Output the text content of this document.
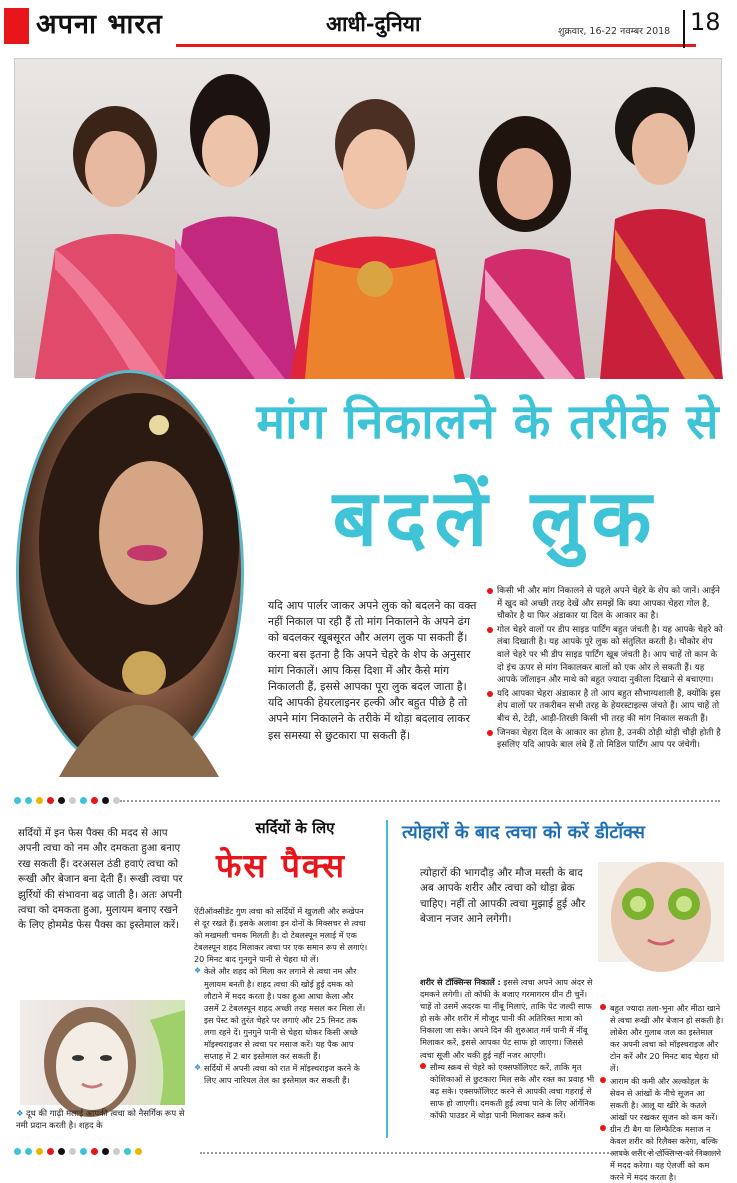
अपना भारत	आधी-दुनिया	शुक्रवार, 16-22 नवम्बर 2018 18
मांग निकालने के तरीके से
बदलें लुक
यदि आप पार्लर जाकर अपने लुक को बदलने का वक्त नहीं निकाल पा रही हैं तो मांग निकालने के अपने ढंग को बदलकर खूबसूरत और अलग लुक पा सकती हैं। करना बस इतना है कि अपने चेहरे के शेप के अनुसार मांग निकालें। आप किस दिशा में और कैसे मांग निकालती हैं, इससे आपका पूरा लुक बदल जाता है। यदि आपकी हेयरलाइनर हल्की और बहुत पीछे है तो अपने मांग निकालने के तरीके में थोड़ा बदलाव लाकर इस समस्या से छुटकारा पा सकती हैं।
किसी भी और मांग निकालने से पहले अपने चेहरे के शेप को जानें। आईने में खुद को अच्छी तरह देखें और समझें कि क्या आपका चेहरा गोल है, चौकोर है या फिर अंडाकार या दिल के आकार का है।
गोल चेहरे वालों पर डीप साइड पार्टिंग बहुत जंचती है। यह आपके चेहरे को लंबा दिखाती है। यह आपके पूरे लुक को संतुलित करती है। चौकोर शेप वाले चेहरे पर भी डीप साइड पार्टिंग खूब जंचती है। आप चाहें तो कान के दो इंच ऊपर से मांग निकालकर बालों को एक ओर ले सकती हैं। यह आपके जॉलाइन और माथे को बहुत ज्यादा नुकीला दिखाने से बचाएगा।
यदि आपका चेहरा अंडाकार है तो आप बहुत सौभाग्यशाली हैं, क्योंकि इस शेप वालों पर तकरीबन सभी तरह के हेयरस्टाइल्स जंचते हैं। आप चाहें तो बीच से, टेढ़ी, आड़ी-तिरछी किसी भी तरह की मांग निकाल सकती हैं।
जिनका चेहरा दिल के आकार का होता है, उनकी ठोड़ी थोड़ी चौड़ी होती है इसलिए यदि आपके बाल लंबे हैं तो मिडिल पार्टिंग आप पर जंचेगी।
सर्दियों में इन फेस पैक्स की मदद से आप अपनी त्वचा को नम और दमकता हुआ बनाए रख सकती हैं। दरअसल ठंडी हवाएं त्वचा को रूखी और बेजान बना देती हैं। रूखी त्वचा पर झुर्रियों की संभावना बढ़ जाती है। अतः अपनी त्वचा को दमकता हुआ, मुलायम बनाए रखने के लिए होममेड फेस पैक्स का इस्तेमाल करें।
❖ दूध की गाढ़ी मलाई आपकी त्वचा को नैसर्गिक रूप से नमी प्रदान करती है। शहद के
सर्दियों के लिए
फेस पैक्स
ऐंटीऑक्सीडेंट गुण त्वचा को सर्दियों में खुजली और रूखेपन से दूर रखते हैं। इसके अलावा इन दोनों के मिक्सचर से त्वचा को मखमली चमक मिलती है। दो टेबलस्पून मलाई में एक टेबलस्पून शहद मिलाकर त्वचा पर एक समान रूप से लगाएं। 20 मिनट बाद गुनगुने पानी से चेहरा धो लें।
❖ केले और शहद को मिला कर लगाने से त्वचा नम और मुलायम बनती है। शहद त्वचा की खोई हुई दमक को लौटाने में मदद करता है। पका हुआ आधा केला और उसमें 2 टेबलस्पून शहद अच्छी तरह मसल कर मिला लें। इस पेस्ट को तुरंत चेहरे पर लगाएं और 25 मिनट तक लगा रहने दें। गुनगुने पानी से चेहरा धोकर किसी अच्छे मॉइस्चराइजर से त्वचा पर मसाज करें। यह पैक आप सप्ताह में 2 बार इस्तेमाल कर सकती हैं।
❖ सर्दियों में अपनी त्वचा को रात में मॉइस्चराइज करने के लिए आप नारियल तेल का इस्तेमाल कर सकती हैं।
त्योहारों के बाद त्वचा को करें डीटॉक्स
त्योहारों की भागदौड़ और मौज मस्ती के बाद अब आपके शरीर और त्वचा को थोड़ा ब्रेक चाहिए। नहीं तो आपकी त्वचा मुझाई हुई और बेजान नजर आने लगेगी।
शरीर से टॉक्सिन्स निकालें : इससे त्वचा अपने आप अंदर से दमकने लगेगी। तो कॉफी के बजाए गरमागरम ग्रीन टी चुनें। चाहें तो उसमें अदरक या नींबू मिलाएं, ताकि पेट जल्दी साफ हो सके और शरीर में मौजूद पानी की अतिरिक्त मात्रा को निकाला जा सके। अपने दिन की शुरुआत गर्म पानी में नींबू मिलाकर करें, इससे आपका पेट साफ हो जाएगा। जिससे त्वचा सूजी और थकी हुई नहीं नजर आएगी।
सौम्य स्क्रब से चेहरे को एक्सफॉलिएट करें, ताकि मृत कोशिकाओं से छुटकारा मिल सके और रक्त का प्रवाह भी बढ़ सके। एक्सफॉलिएट करने से आपकी त्वचा गहराई से साफ हो जाएगी। दमकती हुई त्वचा पाने के लिए ऑर्गेनिक कॉफी पाउडर में थोड़ा पानी मिलाकर स्क्रब करें।
बहुत ज्यादा तला-भुना और मीठा खाने से त्वचा रूखी और बेजान हो सकती है। लोबेरा और गुलाब जल का इस्तेमाल कर अपनी त्वचा को मॉइस्चराइज और टोन करें और 20 मिनट बाद चेहरा धो लें।
आराम की कमी और अल्कोहल के सेवन से आंखों के नीचे सूजन आ सकती है। आलू या खीरे के कतले आंखों पर रखकर सूजन को कम करें।
ग्रीन टी बैग या लिम्फैटिक मसाज न केवल शरीर को रिलैक्स करेगा, बल्कि आपके शरीर से टॉक्सिन्स को निकालने में मदद करेगा। यह ऐलर्जी को कम करने में मदद करता है।
